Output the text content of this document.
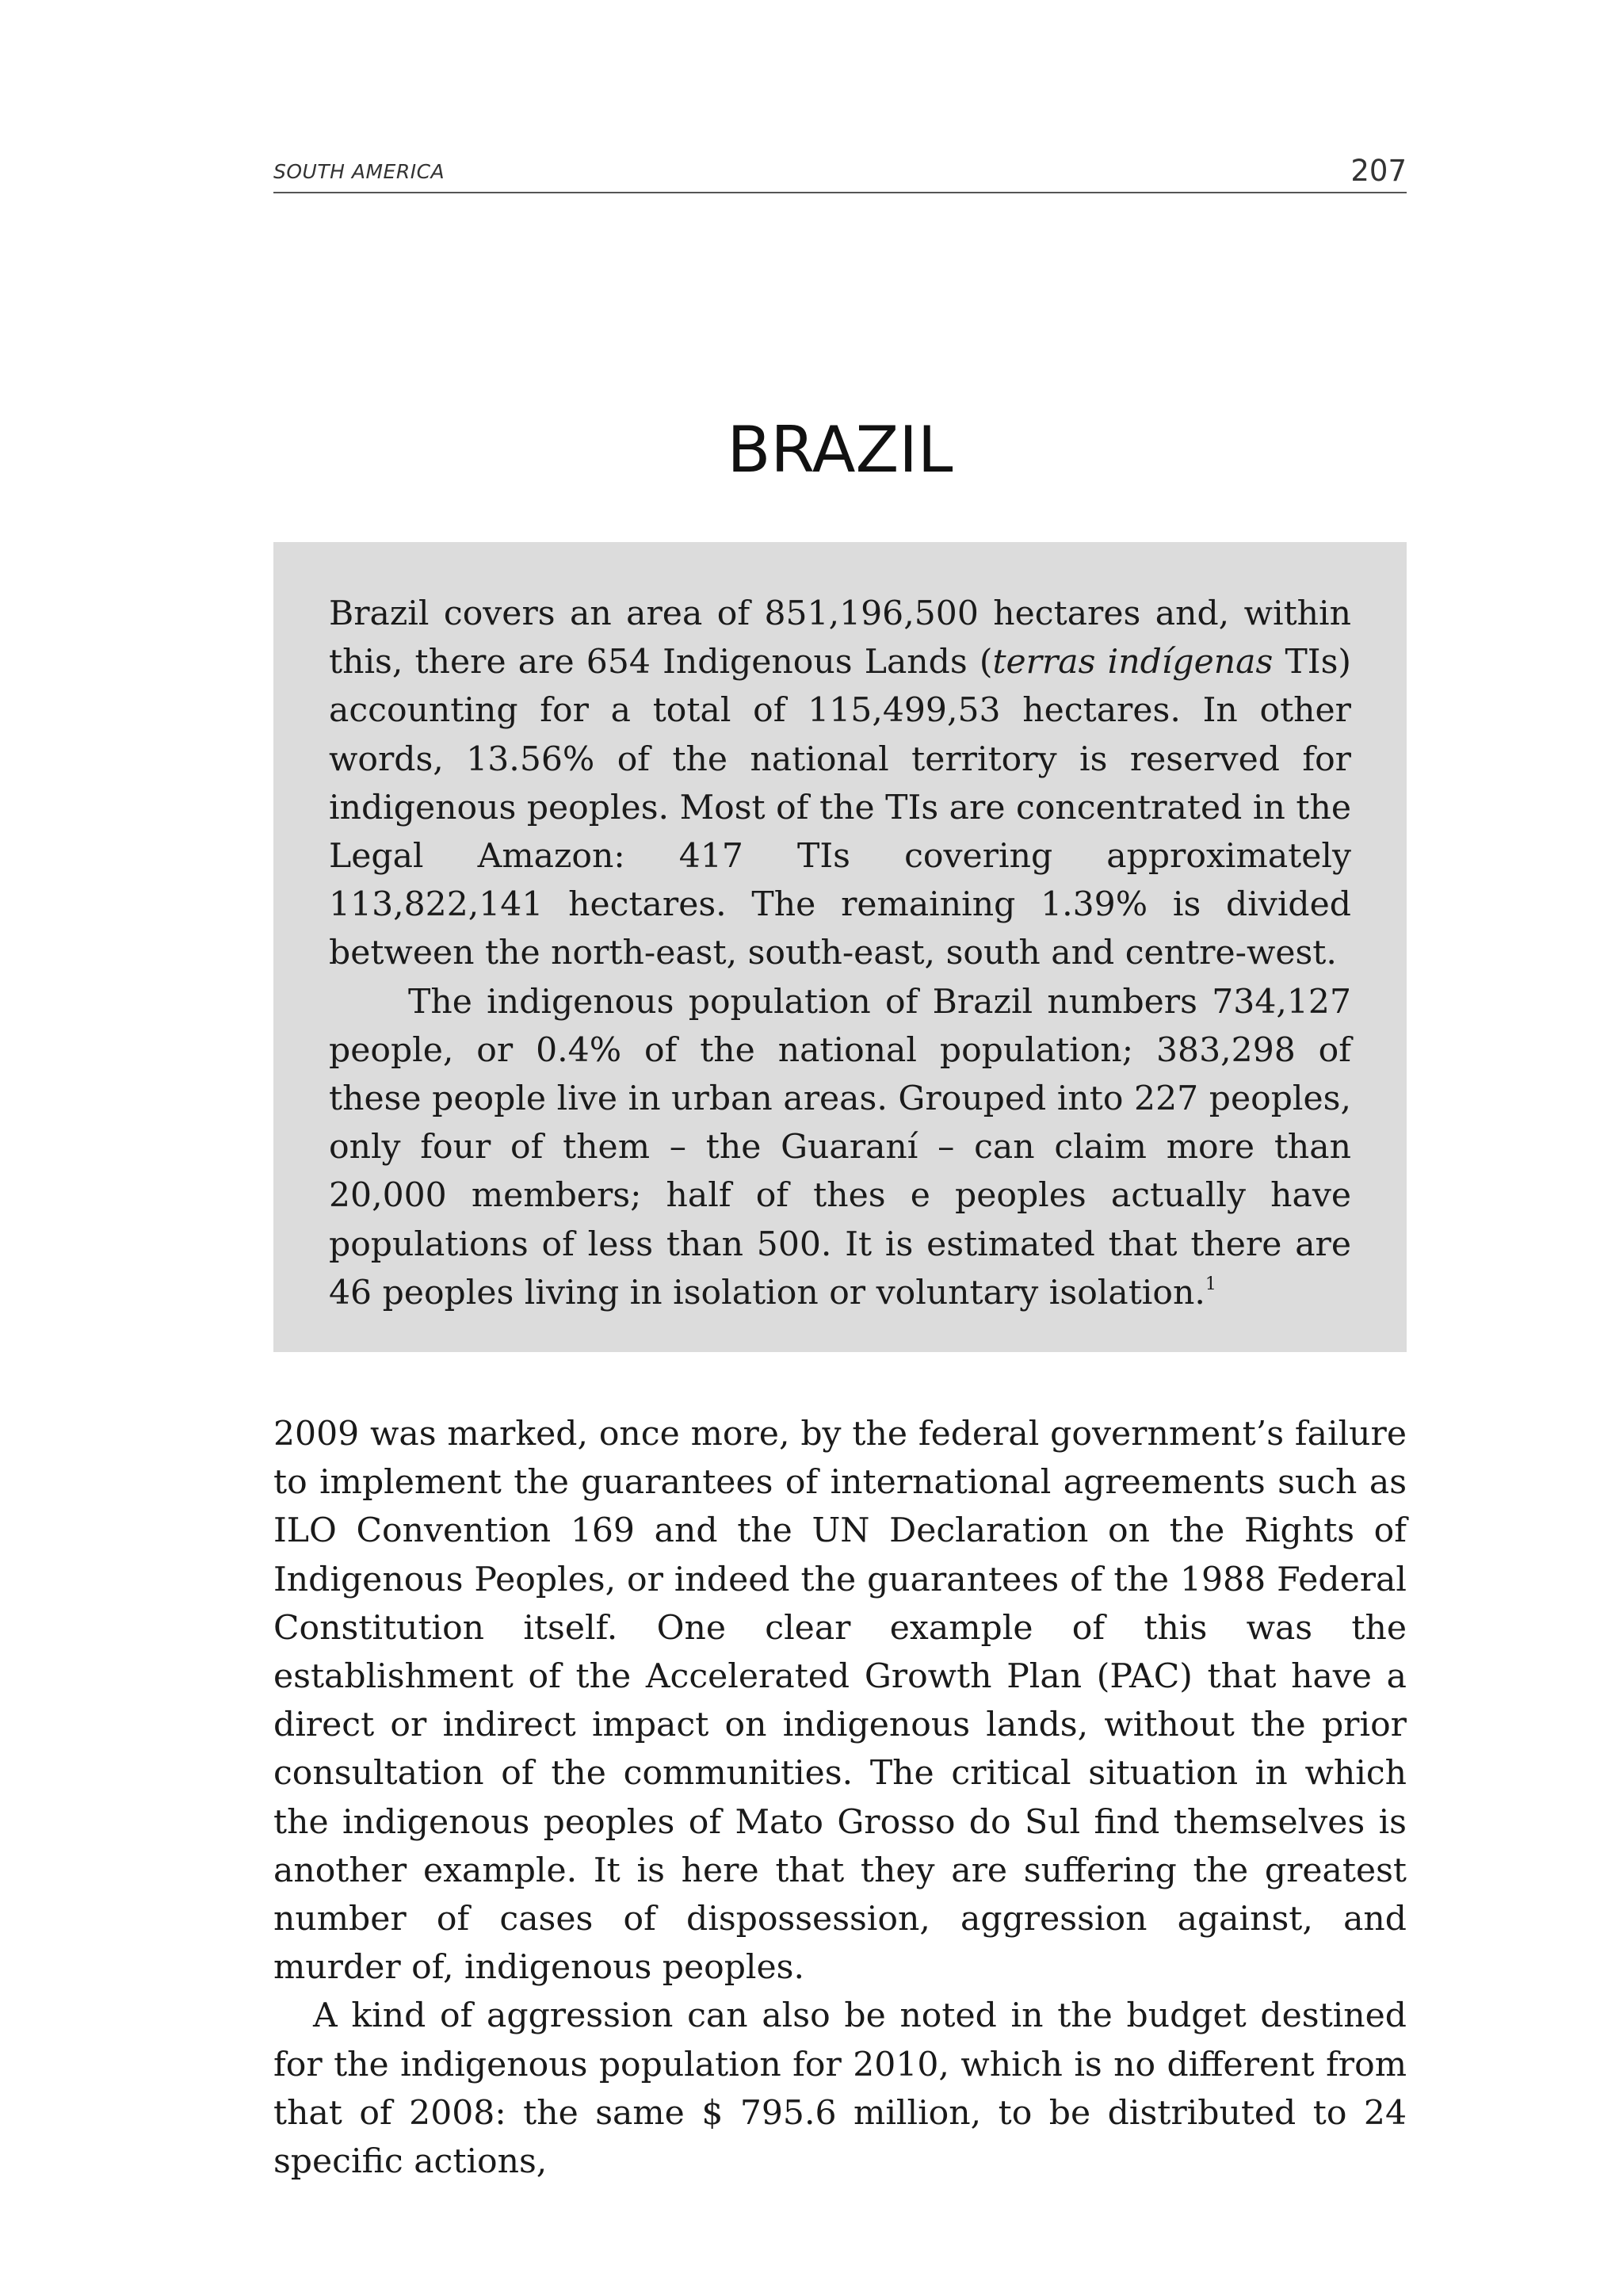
SOUTH AMERICA	207
BRAZIL

Brazil covers an area of 851,196,500 hectares and, within this, there are 654 Indigenous Lands (terras indígenas TIs) accounting for a total of 115,499,53 hectares. In other words, 13.56% of the national territory is reserved for indigenous peoples. Most of the TIs are concentrated in the Legal Amazon: 417 TIs covering approximately 113,822,141 hectares. The remaining 1.39% is divided between the north-east, south-east, south and centre-west.

The indigenous population of Brazil numbers 734,127 people, or 0.4% of the national population; 383,298 of these people live in urban areas. Grouped into 227 peoples, only four of them – the Guaraní – can claim more than 20,000 members; half of thes e peoples actually have populations of less than 500. It is estimated that there are 46 peoples living in isolation or voluntary isolation.$^1$

2009 was marked, once more, by the federal government’s failure to implement the guarantees of international agreements such as ILO Convention 169 and the UN Declaration on the Rights of Indigenous Peoples, or indeed the guarantees of the 1988 Federal Constitution itself. One clear example of this was the establishment of the Accelerated Growth Plan (PAC) that have a direct or indirect impact on indigenous lands, without the prior consultation of the communities. The critical situation in which the indigenous peoples of Mato Grosso do Sul find themselves is another example. It is here that they are suffering the greatest number of cases of dispossession, aggression against, and murder of, indigenous peoples.

A kind of aggression can also be noted in the budget destined for the indigenous population for 2010, which is no different from that of 2008: the same $ 795.6 million, to be distributed to 24 specific actions,
